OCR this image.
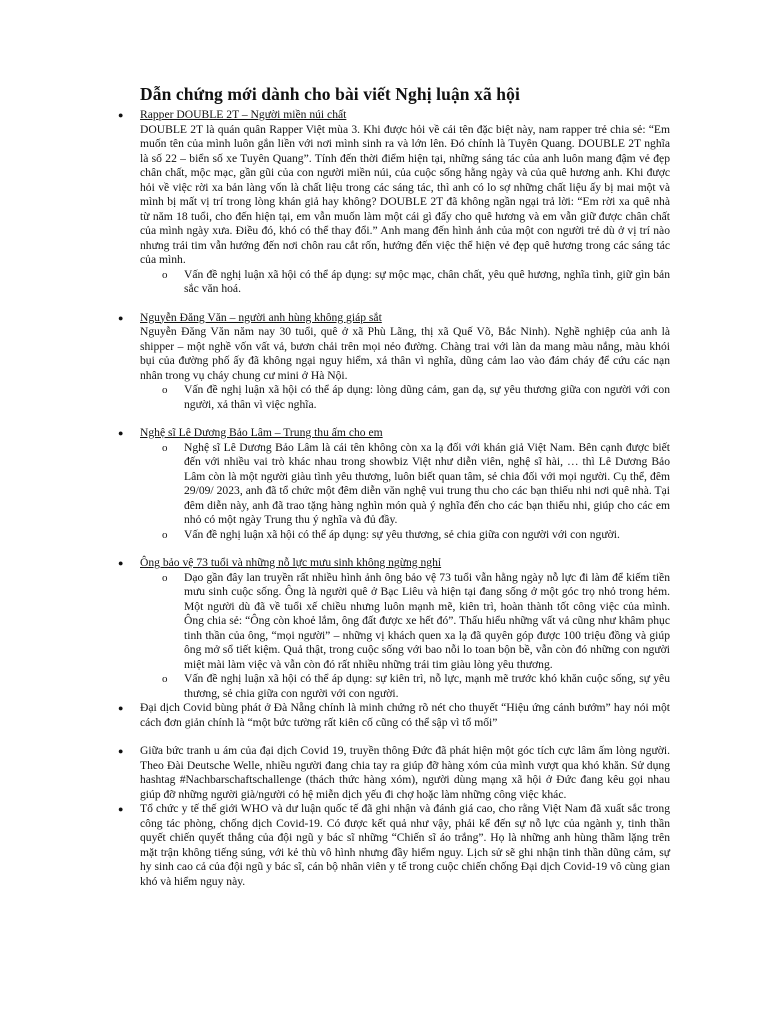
Dẫn chứng mới dành cho bài viết Nghị luận xã hội
● Rapper DOUBLE 2T – Người miền núi chất

DOUBLE 2T là quán quân Rapper Việt mùa 3. Khi được hỏi về cái tên đặc biệt này, nam rapper trẻ chia sẻ: “Em muốn tên của mình luôn gắn liền với nơi mình sinh ra và lớn lên. Đó chính là Tuyên Quang. DOUBLE 2T nghĩa là số 22 – biển số xe Tuyên Quang”. Tính đến thời điểm hiện tại, những sáng tác của anh luôn mang đậm vẻ đẹp chân chất, mộc mạc, gần gũi của con người miền núi, của cuộc sống hằng ngày và của quê hương anh. Khi được hỏi về việc rời xa bản làng vốn là chất liệu trong các sáng tác, thì anh có lo sợ những chất liệu ấy bị mai một và mình bị mất vị trí trong lòng khán giả hay không? DOUBLE 2T đã không ngần ngại trả lời: “Em rời xa quê nhà từ năm 18 tuổi, cho đến hiện tại, em vẫn muốn làm một cái gì đấy cho quê hương và em vẫn giữ được chân chất của mình ngày xưa. Điều đó, khó có thể thay đổi.” Anh mang đến hình ảnh của một con người trẻ dù ở vị trí nào nhưng trái tim vẫn hướng đến nơi chôn rau cắt rốn, hướng đến việc thể hiện vẻ đẹp quê hương trong các sáng tác của mình.

o Vấn đề nghị luận xã hội có thể áp dụng: sự mộc mạc, chân chất, yêu quê hương, nghĩa tình, giữ gìn bản sắc văn hoá.
● Nguyễn Đăng Văn – người anh hùng không giáp sắt

Nguyễn Đăng Văn năm nay 30 tuổi, quê ở xã Phù Lãng, thị xã Quế Võ, Bắc Ninh). Nghề nghiệp của anh là shipper – một nghề vốn vất vả, bươn chải trên mọi nẻo đường. Chàng trai với làn da mang màu nắng, màu khói bụi của đường phố ấy đã không ngại nguy hiểm, xả thân vì nghĩa, dũng cảm lao vào đám cháy để cứu các nạn nhân trong vụ cháy chung cư mini ở Hà Nội.

o Vấn đề nghị luận xã hội có thể áp dụng: lòng dũng cảm, gan dạ, sự yêu thương giữa con người với con người, xả thân vì việc nghĩa.
● Nghệ sĩ Lê Dương Bảo Lâm – Trung thu ấm cho em
o Nghệ sĩ Lê Dương Bảo Lâm là cái tên không còn xa lạ đối với khán giả Việt Nam. Bên cạnh được biết đến với nhiều vai trò khác nhau trong showbiz Việt như diễn viên, nghệ sĩ hài, … thì Lê Dương Bảo Lâm còn là một người giàu tình yêu thương, luôn biết quan tâm, sẻ chia đối với mọi người. Cụ thể, đêm 29/09/ 2023, anh đã tổ chức một đêm diễn văn nghệ vui trung thu cho các bạn thiếu nhi nơi quê nhà. Tại đêm diễn này, anh đã trao tặng hàng nghìn món quà ý nghĩa đến cho các bạn thiếu nhi, giúp cho các em nhỏ có một ngày Trung thu ý nghĩa và đủ đầy.
o Vấn đề nghị luận xã hội có thể áp dụng: sự yêu thương, sẻ chia giữa con người với con người.
● Ông bảo vệ 73 tuổi và những nỗ lực mưu sinh không ngừng nghỉ
o Dạo gần đây lan truyền rất nhiều hình ảnh ông bảo vệ 73 tuổi vẫn hằng ngày nỗ lực đi làm để kiếm tiền mưu sinh cuộc sống. Ông là người quê ở Bạc Liêu và hiện tại đang sống ở một góc trọ nhỏ trong hẻm. Một người dù đã về tuổi xế chiều nhưng luôn mạnh mẽ, kiên trì, hoàn thành tốt công việc của mình. Ông chia sẻ: “Ông còn khoẻ lắm, ông đất được xe hết đó”. Thấu hiểu những vất vả cũng như khâm phục tinh thần của ông, “mọi người” – những vị khách quen xa lạ đã quyên góp được 100 triệu đồng và giúp ông mở sổ tiết kiệm. Quả thật, trong cuộc sống với bao nỗi lo toan bộn bề, vẫn còn đó những con người miệt mài làm việc và vẫn còn đó rất nhiều những trái tim giàu lòng yêu thương.
o Vấn đề nghị luận xã hội có thể áp dụng: sự kiên trì, nỗ lực, mạnh mẽ trước khó khăn cuộc sống, sự yêu thương, sẻ chia giữa con người với con người.
● Đại dịch Covid bùng phát ở Đà Nẵng chính là minh chứng rõ nét cho thuyết “Hiệu ứng cánh bướm” hay nói một cách đơn giản chính là “một bức tường rất kiên cố cũng có thể sập vì tổ mối”

● Giữa bức tranh u ám của đại dịch Covid 19, truyền thông Đức đã phát hiện một góc tích cực lâm ấm lòng người. Theo Đài Deutsche Welle, nhiều người đang chia tay ra giúp đỡ hàng xóm của mình vượt qua khó khăn. Sử dụng hashtag #Nachbarschaftschallenge (thách thức hàng xóm), người dùng mạng xã hội ở Đức đang kêu gọi nhau giúp đỡ những người già/người có hệ miễn dịch yếu đi chợ hoặc làm những công việc khác.

● Tổ chức y tế thế giới WHO và dư luận quốc tế đã ghi nhận và đánh giá cao, cho rằng Việt Nam đã xuất sắc trong công tác phòng, chống dịch Covid-19. Có được kết quả như vậy, phải kể đến sự nỗ lực của ngành y, tinh thần quyết chiến quyết thắng của đội ngũ y bác sĩ những “Chiến sĩ áo trắng”. Họ là những anh hùng thầm lặng trên mặt trận không tiếng súng, với kẻ thù vô hình nhưng đầy hiểm nguy. Lịch sử sẽ ghi nhận tinh thần dũng cảm, sự hy sinh cao cả của đội ngũ y bác sĩ, cán bộ nhân viên y tế trong cuộc chiến chống Đại dịch Covid-19 vô cùng gian khó và hiểm nguy này.
